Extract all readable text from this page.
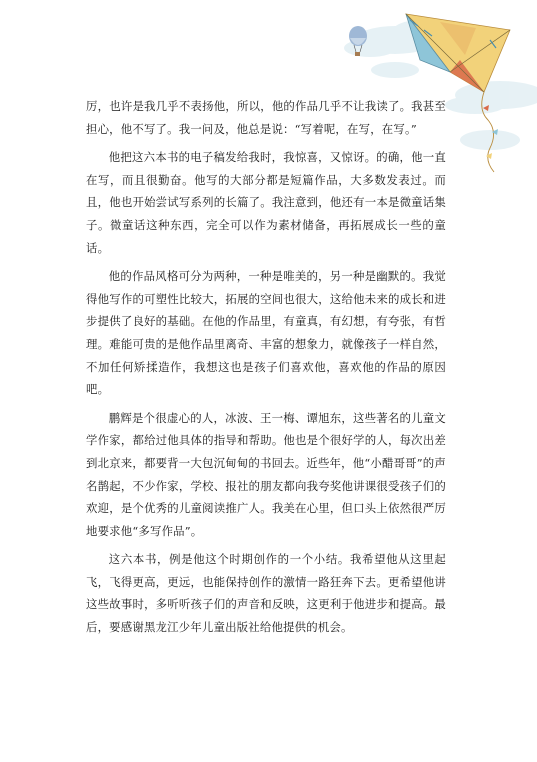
厉，也许是我几乎不表扬他，所以，他的作品几乎不让我读了。我甚至担心，他不写了。我一问及，他总是说：“写着呢，在写，在写。”

他把这六本书的电子稿发给我时，我惊喜，又惊讶。的确，他一直在写，而且很勤奋。他写的大部分都是短篇作品，大多数发表过。而且，他也开始尝试写系列的长篇了。我注意到，他还有一本是微童话集子。微童话这种东西，完全可以作为素材储备，再拓展成长一些的童话。

他的作品风格可分为两种，一种是唯美的，另一种是幽默的。我觉得他写作的可塑性比较大，拓展的空间也很大，这给他未来的成长和进步提供了良好的基础。在他的作品里，有童真，有幻想，有夸张，有哲理。难能可贵的是他作品里离奇、丰富的想象力，就像孩子一样自然，不加任何矫揉造作，我想这也是孩子们喜欢他，喜欢他的作品的原因吧。

鹏辉是个很虚心的人，冰波、王一梅、谭旭东，这些著名的儿童文学作家，都给过他具体的指导和帮助。他也是个很好学的人，每次出差到北京来，都要背一大包沉甸甸的书回去。近些年，他“小醋哥哥”的声名鹊起，不少作家，学校、报社的朋友都向我夸奖他讲课很受孩子们的欢迎，是个优秀的儿童阅读推广人。我美在心里，但口头上依然很严厉地要求他“多写作品”。

这六本书，例是他这个时期创作的一个小结。我希望他从这里起飞，飞得更高，更远，也能保持创作的激情一路狂奔下去。更希望他讲这些故事时，多听听孩子们的声音和反映，这更利于他进步和提高。最后，要感谢黑龙江少年儿童出版社给他提供的机会。
